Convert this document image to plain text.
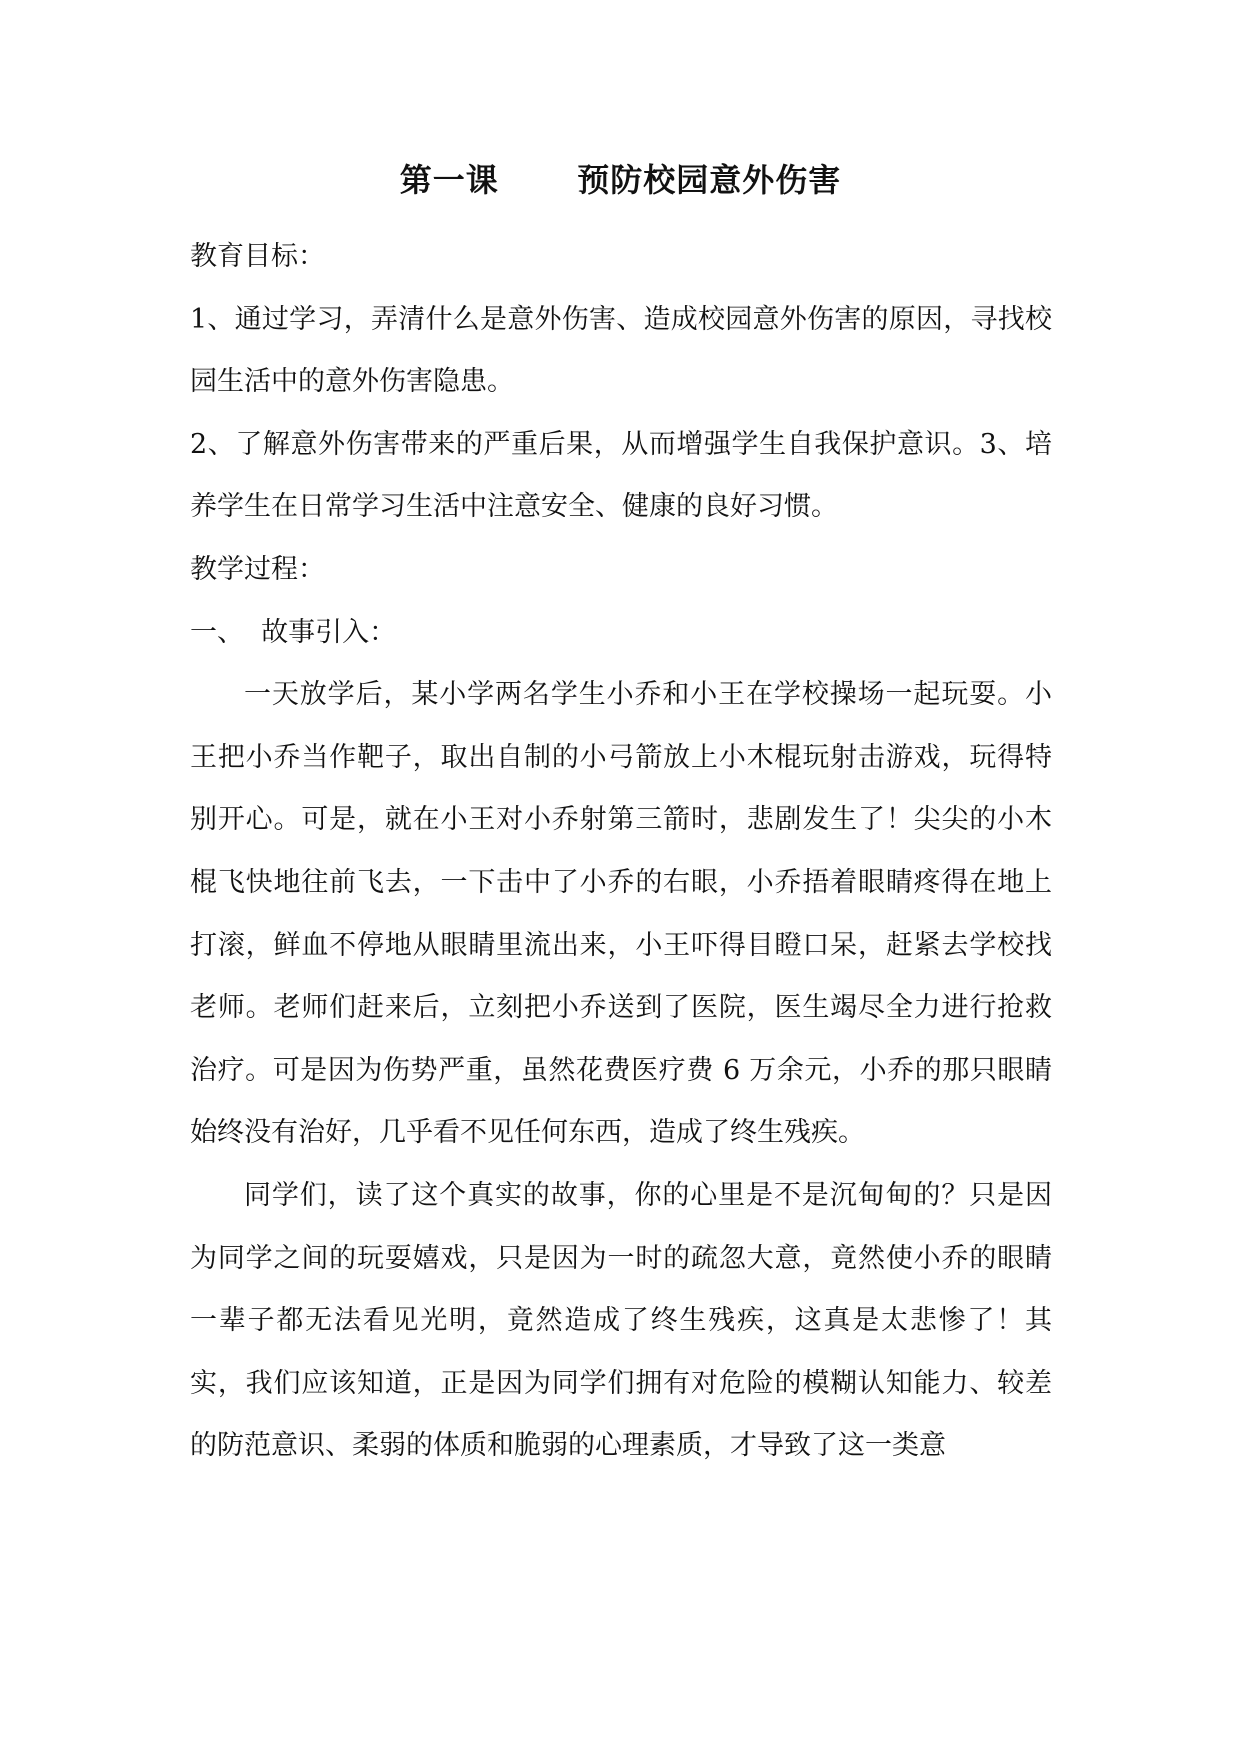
第一课   预防校园意外伤害

教育目标：

1、通过学习，弄清什么是意外伤害、造成校园意外伤害的原因，寻找校园生活中的意外伤害隐患。

2、了解意外伤害带来的严重后果，从而增强学生自我保护意识。3、培养学生在日常学习生活中注意安全、健康的良好习惯。

教学过程：

一、  故事引入：

一天放学后，某小学两名学生小乔和小王在学校操场一起玩耍。小王把小乔当作靶子，取出自制的小弓箭放上小木棍玩射击游戏，玩得特别开心。可是，就在小王对小乔射第三箭时，悲剧发生了！尖尖的小木棍飞快地往前飞去，一下击中了小乔的右眼，小乔捂着眼睛疼得在地上打滚，鲜血不停地从眼睛里流出来，小王吓得目瞪口呆，赶紧去学校找老师。老师们赶来后，立刻把小乔送到了医院，医生竭尽全力进行抢救治疗。可是因为伤势严重，虽然花费医疗费 6 万余元，小乔的那只眼睛始终没有治好，几乎看不见任何东西，造成了终生残疾。

同学们，读了这个真实的故事，你的心里是不是沉甸甸的？只是因为同学之间的玩耍嬉戏，只是因为一时的疏忽大意，竟然使小乔的眼睛一辈子都无法看见光明，竟然造成了终生残疾，这真是太悲惨了！其实，我们应该知道，正是因为同学们拥有对危险的模糊认知能力、较差的防范意识、柔弱的体质和脆弱的心理素质，才导致了这一类意
